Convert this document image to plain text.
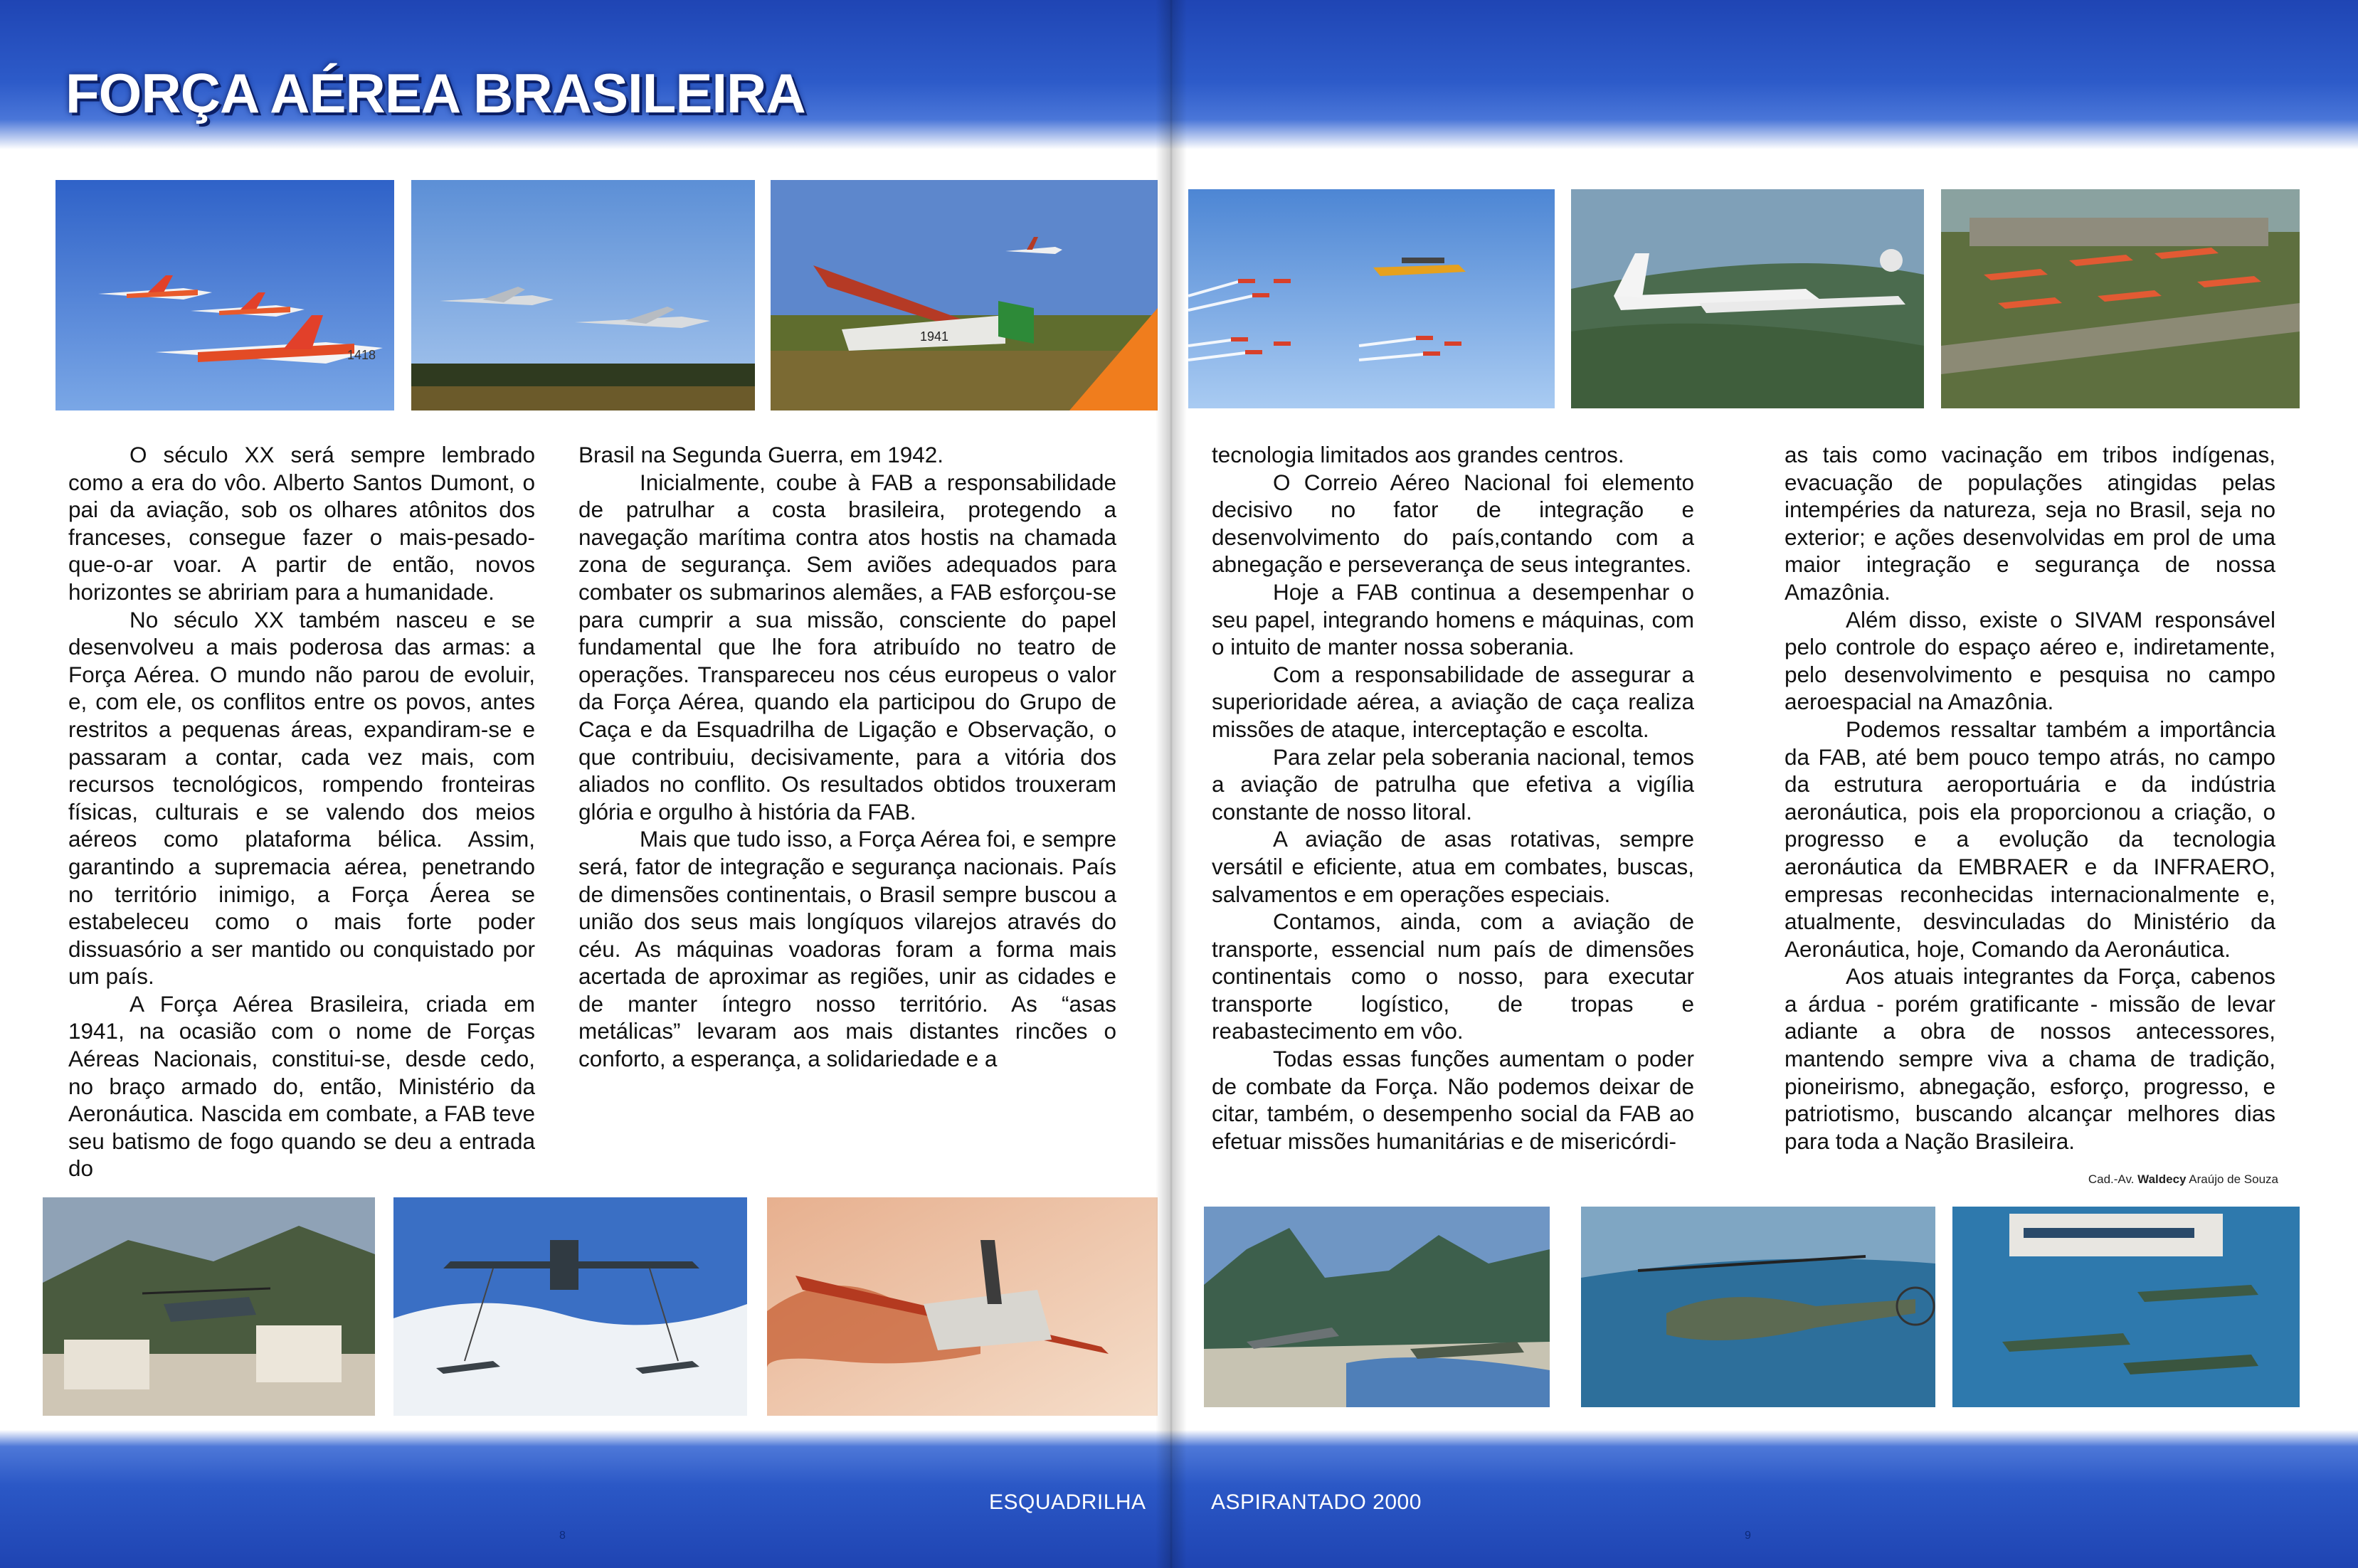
FORÇA AÉREA BRASILEIRA
1418
1941

O século XX será sempre lembrado como a era do vôo. Alberto Santos Dumont, o pai da aviação, sob os olhares atônitos dos franceses, consegue fazer o mais-pesado-que-o-ar voar. A partir de então, novos horizontes se abririam para a humanidade.

No século XX também nasceu e se desenvolveu a mais poderosa das armas: a Força Aérea. O mundo não parou de evoluir, e, com ele, os conflitos entre os povos, antes restritos a pequenas áreas, expandiram-se e passaram a contar, cada vez mais, com recursos tecnológicos, rompendo fronteiras físicas, culturais e se valendo dos meios aéreos como plataforma bélica. Assim, garantindo a supremacia aérea, penetrando no território inimigo, a Força Áerea se estabeleceu como o mais forte poder dissuasório a ser mantido ou conquistado por um país.

A Força Aérea Brasileira, criada em 1941, na ocasião com o nome de Forças Aéreas Nacionais, constitui-se, desde cedo, no braço armado do, então, Ministério da Aeronáutica. Nascida em combate, a FAB teve seu batismo de fogo quando se deu a entrada do

Brasil na Segunda Guerra, em 1942.

Inicialmente, coube à FAB a responsabilidade de patrulhar a costa brasileira, protegendo a navegação marítima contra atos hostis na chamada zona de segurança. Sem aviões adequados para combater os submarinos alemães, a FAB esforçou-se para cumprir a sua missão, consciente do papel fundamental que lhe fora atribuído no teatro de operações. Transpareceu nos céus europeus o valor da Força Aérea, quando ela participou do Grupo de Caça e da Esquadrilha de Ligação e Observação, o que contribuiu, decisivamente, para a vitória dos aliados no conflito. Os resultados obtidos trouxeram glória e orgulho à história da FAB.

Mais que tudo isso, a Força Aérea foi, e sempre será, fator de integração e segurança nacionais. País de dimensões continentais, o Brasil sempre buscou a união dos seus mais longíquos vilarejos através do céu. As máquinas voadoras foram a forma mais acertada de aproximar as regiões, unir as cidades e de manter íntegro nosso território. As “asas metálicas” levaram aos mais distantes rincões o conforto, a esperança, a solidariedade e a

ESQUADRILHA
8

tecnologia limitados aos grandes centros.

O Correio Aéreo Nacional foi elemento decisivo no fator de integração e desenvolvimento do país,contando com a abnegação e perseverança de seus integrantes.

Hoje a FAB continua a desempenhar o seu papel, integrando homens e máquinas, com o intuito de manter nossa soberania.

Com a responsabilidade de assegurar a superioridade aérea, a aviação de caça realiza missões de ataque, interceptação e escolta.

Para zelar pela soberania nacional, temos a aviação de patrulha que efetiva a vigília constante de nosso litoral.

A aviação de asas rotativas, sempre versátil e eficiente, atua em combates, buscas, salvamentos e em operações especiais.

Contamos, ainda, com a aviação de transporte, essencial num país de dimensões continentais como o nosso, para executar transporte logístico, de tropas e reabastecimento em vôo.

Todas essas funções aumentam o poder de combate da Força. Não podemos deixar de citar, também, o desempenho social da FAB ao efetuar missões humanitárias e de misericórdi-

as tais como vacinação em tribos indígenas, evacuação de populações atingidas pelas intempéries da natureza, seja no Brasil, seja no exterior; e ações desenvolvidas em prol de uma maior integração e segurança de nossa Amazônia.

Além disso, existe o SIVAM responsável pelo controle do espaço aéreo e, indiretamente, pelo desenvolvimento e pesquisa no campo aeroespacial na Amazônia.

Podemos ressaltar também a importância da FAB, até bem pouco tempo atrás, no campo da estrutura aeroportuária e da indústria aeronáutica, pois ela proporcionou a criação, o progresso e a evolução da tecnologia aeronáutica da EMBRAER e da INFRAERO, empresas reconhecidas internacionalmente e, atualmente, desvinculadas do Ministério da Aeronáutica, hoje, Comando da Aeronáutica.

Aos atuais integrantes da Força, cabenos a árdua - porém gratificante - missão de levar adiante a obra de nossos antecessores, mantendo sempre viva a chama de tradição, pioneirismo, abnegação, esforço, progresso, e patriotismo, buscando alcançar melhores dias para toda a Nação Brasileira.

Cad.-Av. Waldecy Araújo de Souza
ASPIRANTADO 2000
9
